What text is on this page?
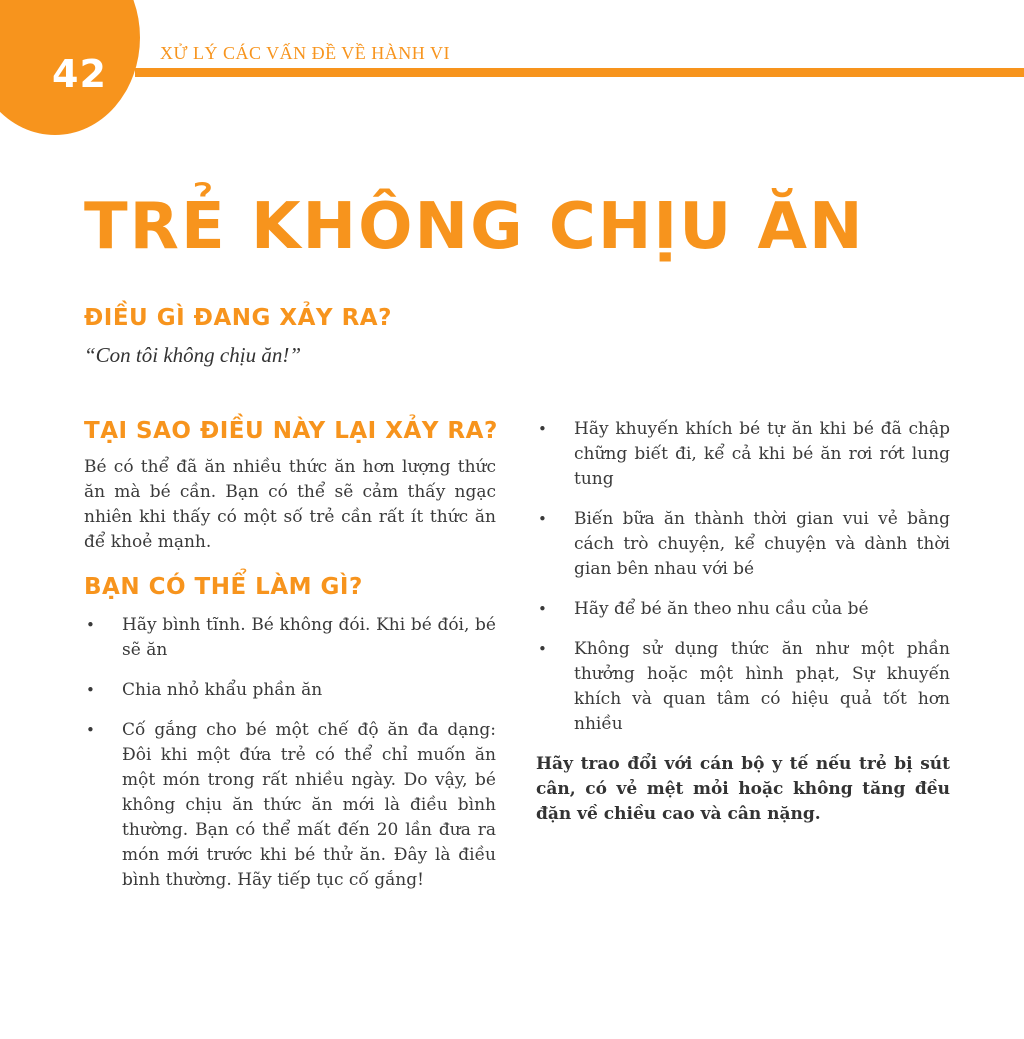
42	XỬ LÝ CÁC VẤN ĐỀ VỀ HÀNH VI
TRẺ KHÔNG CHỊU ĂN
ĐIỀU GÌ ĐANG XẢY RA?
“Con tôi không chịu ăn!”
TẠI SAO ĐIỀU NÀY LẠI XẢY RA?

Bé có thể đã ăn nhiều thức ăn hơn lượng thức ăn mà bé cần. Bạn có thể sẽ cảm thấy ngạc nhiên khi thấy có một số trẻ cần rất ít thức ăn để khoẻ mạnh.

BẠN CÓ THỂ LÀM GÌ?
• Hãy bình tĩnh. Bé không đói. Khi bé đói, bé sẽ ăn
• Chia nhỏ khẩu phần ăn
• Cố gắng cho bé một chế độ ăn đa dạng: Đôi khi một đứa trẻ có thể chỉ muốn ăn một món trong rất nhiều ngày. Do vậy, bé không chịu ăn thức ăn mới là điều bình thường. Bạn có thể mất đến 20 lần đưa ra món mới trước khi bé thử ăn. Đây là điều bình thường. Hãy tiếp tục cố gắng!
• Hãy khuyến khích bé tự ăn khi bé đã chập chững biết đi, kể cả khi bé ăn rơi rớt lung tung
• Biến bữa ăn thành thời gian vui vẻ bằng cách trò chuyện, kể chuyện và dành thời gian bên nhau với bé
• Hãy để bé ăn theo nhu cầu của bé
• Không sử dụng thức ăn như một phần thưởng hoặc một hình phạt, Sự khuyến khích và quan tâm có hiệu quả tốt hơn nhiều

Hãy trao đổi với cán bộ y tế nếu trẻ bị sút cân, có vẻ mệt mỏi hoặc không tăng đều đặn về chiều cao và cân nặng.
